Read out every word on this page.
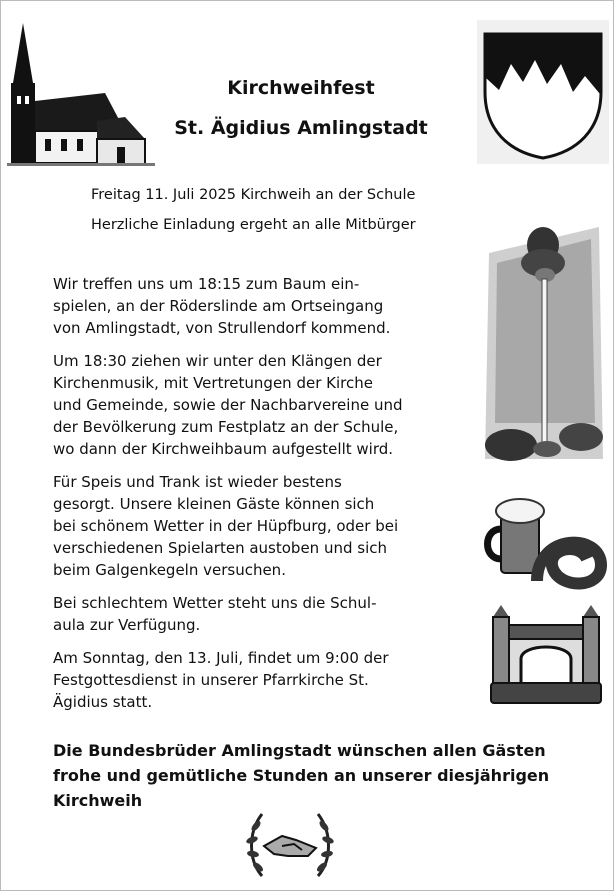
Kirchweihfest
St. Ägidius Amlingstadt
Freitag 11. Juli 2025 Kirchweih an der Schule
Herzliche Einladung ergeht an alle Mitbürger

Wir treffen uns um 18:15 zum Baum ein-
spielen, an der Röderslinde am Ortseingang
von Amlingstadt, von Strullendorf kommend.

Um 18:30 ziehen wir unter den Klängen der
Kirchenmusik, mit Vertretungen der Kirche
und Gemeinde, sowie der Nachbarvereine und
der Bevölkerung zum Festplatz an der Schule,
wo dann der Kirchweihbaum aufgestellt wird.

Für Speis und Trank ist wieder bestens
gesorgt. Unsere kleinen Gäste können sich
bei schönem Wetter in der Hüpfburg, oder bei
verschiedenen Spielarten austoben und sich
beim Galgenkegeln versuchen.

Bei schlechtem Wetter steht uns die Schul-
aula zur Verfügung.

Am Sonntag, den 13. Juli, findet um 9:00 der
Festgottesdienst in unserer Pfarrkirche St.
Ägidius statt.

Die Bundesbrüder Amlingstadt wünschen allen Gästen
frohe und gemütliche Stunden an unserer diesjährigen
Kirchweih
